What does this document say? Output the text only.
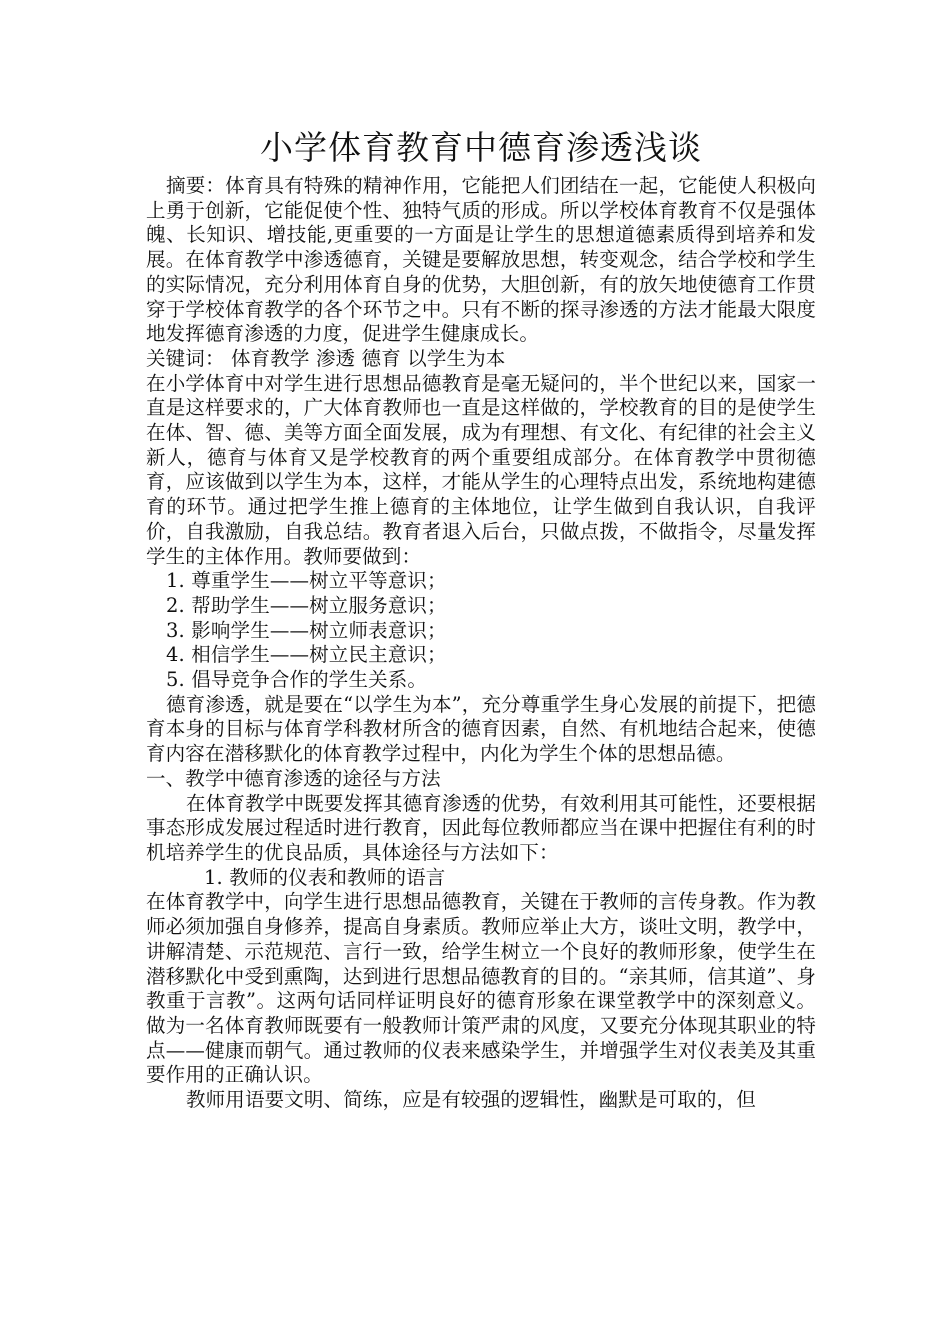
小学体育教育中德育渗透浅谈

摘要：体育具有特殊的精神作用，它能把人们团结在一起，它能使人积极向上勇于创新，它能促使个性、独特气质的形成。所以学校体育教育不仅是强体魄、长知识、增技能,更重要的一方面是让学生的思想道德素质得到培养和发展。在体育教学中渗透德育，关键是要解放思想，转变观念，结合学校和学生的实际情况，充分利用体育自身的优势，大胆创新，有的放矢地使德育工作贯穿于学校体育教学的各个环节之中。只有不断的探寻渗透的方法才能最大限度地发挥德育渗透的力度，促进学生健康成长。

关键词： 体育教学 渗透 德育 以学生为本

在小学体育中对学生进行思想品德教育是毫无疑问的，半个世纪以来，国家一直是这样要求的，广大体育教师也一直是这样做的，学校教育的目的是使学生在体、智、德、美等方面全面发展，成为有理想、有文化、有纪律的社会主义新人，德育与体育又是学校教育的两个重要组成部分。在体育教学中贯彻德育，应该做到以学生为本，这样，才能从学生的心理特点出发，系统地构建德育的环节。通过把学生推上德育的主体地位，让学生做到自我认识，自我评价，自我激励，自我总结。教育者退入后台，只做点拨，不做指令，尽量发挥学生的主体作用。教师要做到：

1. 尊重学生——树立平等意识；
2. 帮助学生——树立服务意识；
3. 影响学生——树立师表意识；
4. 相信学生——树立民主意识；
5. 倡导竞争合作的学生关系。

德育渗透，就是要在“以学生为本”，充分尊重学生身心发展的前提下，把德育本身的目标与体育学科教材所含的德育因素，自然、有机地结合起来，使德育内容在潜移默化的体育教学过程中，内化为学生个体的思想品德。

一、教学中德育渗透的途径与方法

在体育教学中既要发挥其德育渗透的优势，有效利用其可能性，还要根据事态形成发展过程适时进行教育，因此每位教师都应当在课中把握住有利的时机培养学生的优良品质，具体途径与方法如下：

1. 教师的仪表和教师的语言

在体育教学中，向学生进行思想品德教育，关键在于教师的言传身教。作为教师必须加强自身修养，提高自身素质。教师应举止大方，谈吐文明，教学中，讲解清楚、示范规范、言行一致，给学生树立一个良好的教师形象，使学生在潜移默化中受到熏陶，达到进行思想品德教育的目的。“亲其师，信其道”、身教重于言教”。这两句话同样证明良好的德育形象在课堂教学中的深刻意义。做为一名体育教师既要有一般教师计策严肃的风度，又要充分体现其职业的特点——健康而朝气。通过教师的仪表来感染学生，并增强学生对仪表美及其重要作用的正确认识。

教师用语要文明、简练，应是有较强的逻辑性，幽默是可取的，但
